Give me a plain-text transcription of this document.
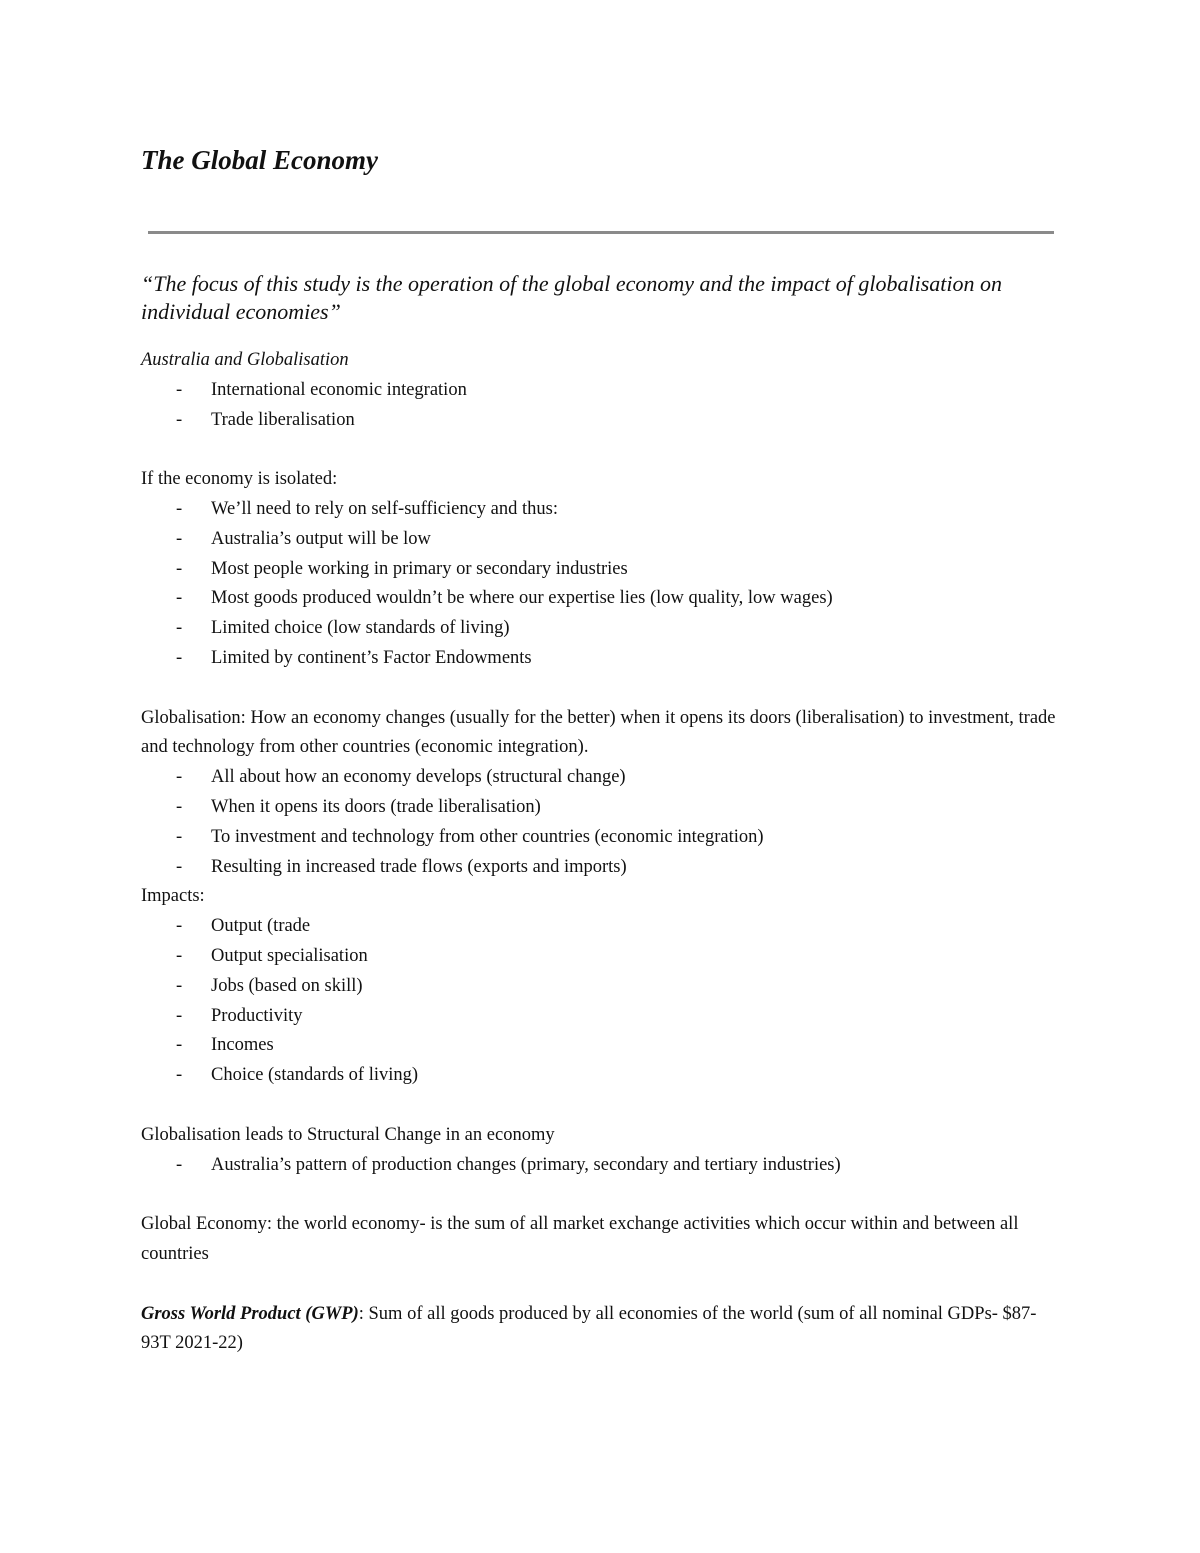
The Global Economy

“The focus of this study is the operation of the global economy and the impact of globalisation on individual economies”

Australia and Globalisation

- International economic integration
- Trade liberalisation

If the economy is isolated:

- We’ll need to rely on self-sufficiency and thus:
- Australia’s output will be low
- Most people working in primary or secondary industries
- Most goods produced wouldn’t be where our expertise lies (low quality, low wages)
- Limited choice (low standards of living)
- Limited by continent’s Factor Endowments

Globalisation: How an economy changes (usually for the better) when it opens its doors (liberalisation) to investment, trade and technology from other countries (economic integration).

- All about how an economy develops (structural change)
- When it opens its doors (trade liberalisation)
- To investment and technology from other countries (economic integration)
- Resulting in increased trade flows (exports and imports)

Impacts:

- Output (trade
- Output specialisation
- Jobs (based on skill)
- Productivity
- Incomes
- Choice (standards of living)

Globalisation leads to Structural Change in an economy

- Australia’s pattern of production changes (primary, secondary and tertiary industries)

Global Economy: the world economy- is the sum of all market exchange activities which occur within and between all countries

Gross World Product (GWP): Sum of all goods produced by all economies of the world (sum of all nominal GDPs- $87-93T 2021-22)
